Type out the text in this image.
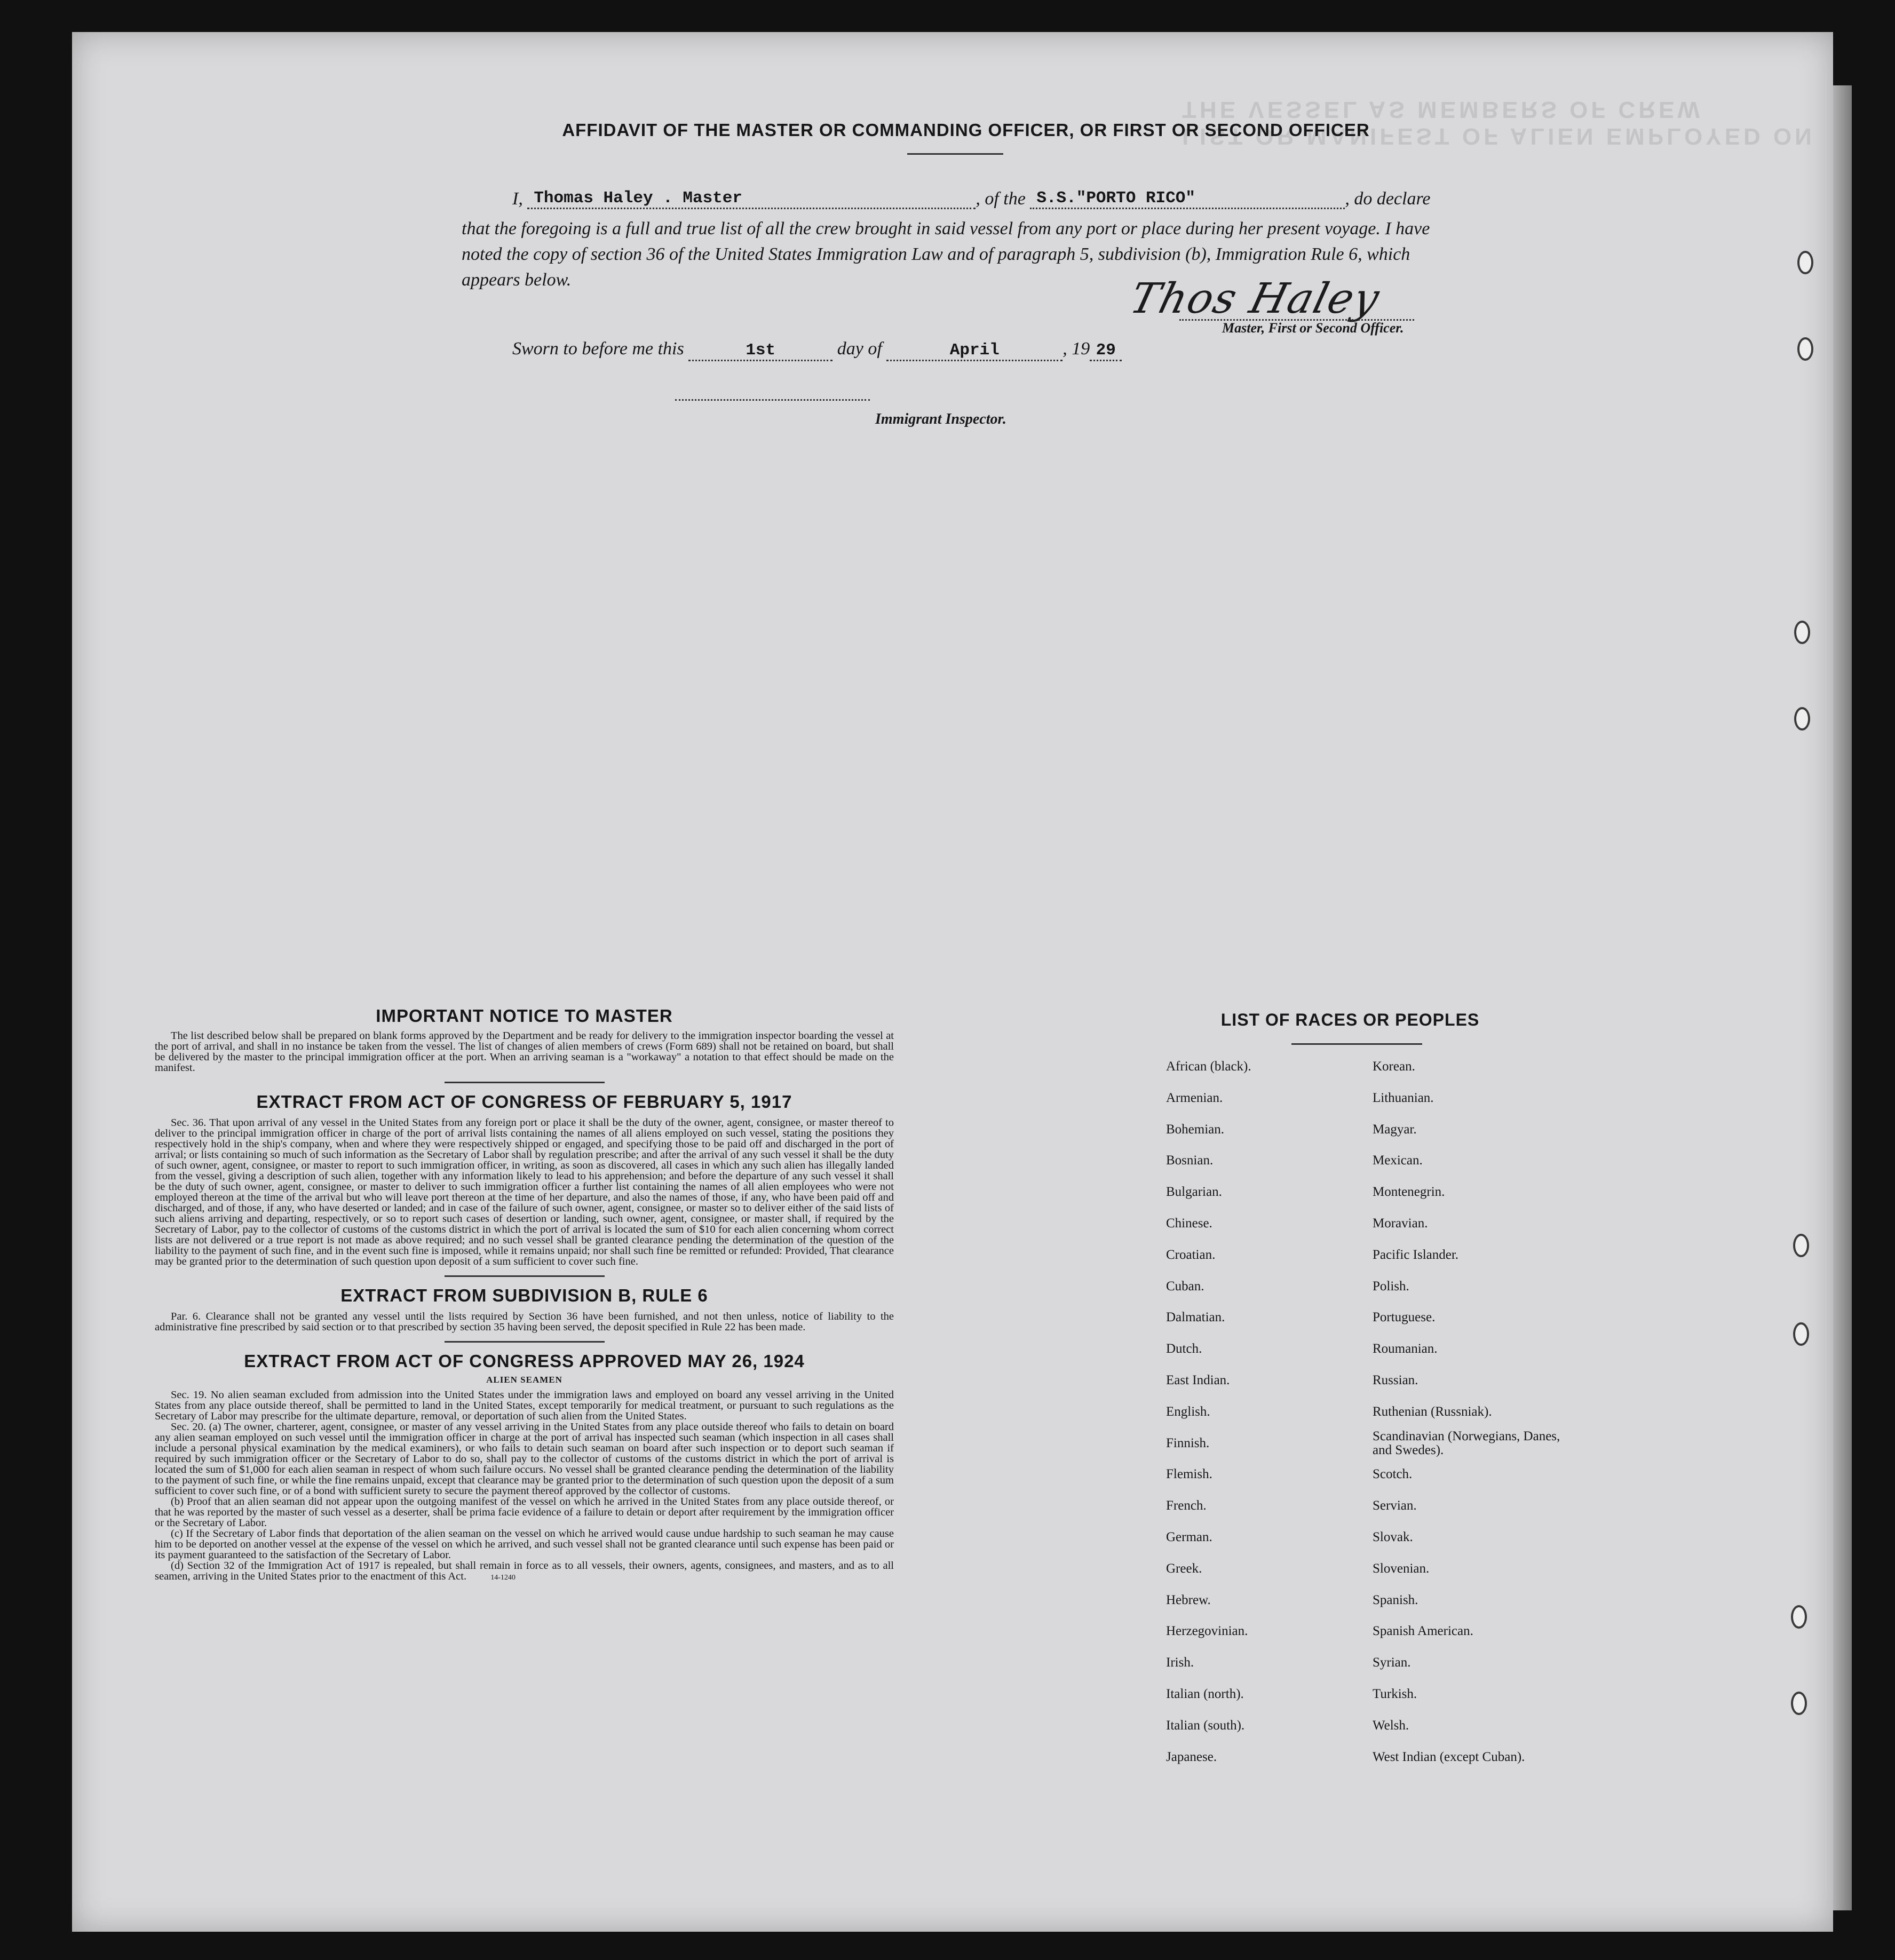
LIST OR MANIFEST OF ALIEN EMPLOYED ON THE VESSEL AS MEMBERS OF CREW
AFFIDAVIT OF THE MASTER OR COMMANDING OFFICER, OR FIRST OR SECOND OFFICER
I, Thomas Haley . Master	, of the S.S."PORTO RICO"	, do declare
that the foregoing is a full and true list of all the crew brought in said vessel from any port or place during her present voyage. I have noted the copy of section 36 of the United States Immigration Law and of paragraph 5, subdivision (b), Immigration Rule 6, which appears below.	Thos Haley
Master, First or Second Officer.
Sworn to before me this	1st	day of	April	, 19 29
Immigrant Inspector.
IMPORTANT NOTICE TO MASTER

The list described below shall be prepared on blank forms approved by the Department and be ready for delivery to the immigration inspector boarding the vessel at the port of arrival, and shall in no instance be taken from the vessel. The list of changes of alien members of crews (Form 689) shall not be retained on board, but shall be delivered by the master to the principal immigration officer at the port. When an arriving seaman is a "workaway" a notation to that effect should be made on the manifest.

EXTRACT FROM ACT OF CONGRESS OF FEBRUARY 5, 1917

Sec. 36. That upon arrival of any vessel in the United States from any foreign port or place it shall be the duty of the owner, agent, consignee, or master thereof to deliver to the principal immigration officer in charge of the port of arrival lists containing the names of all aliens employed on such vessel, stating the positions they respectively hold in the ship's company, when and where they were respectively shipped or engaged, and specifying those to be paid off and discharged in the port of arrival; or lists containing so much of such information as the Secretary of Labor shall by regulation prescribe; and after the arrival of any such vessel it shall be the duty of such owner, agent, consignee, or master to report to such immigration officer, in writing, as soon as discovered, all cases in which any such alien has illegally landed from the vessel, giving a description of such alien, together with any information likely to lead to his apprehension; and before the departure of any such vessel it shall be the duty of such owner, agent, consignee, or master to deliver to such immigration officer a further list containing the names of all alien employees who were not employed thereon at the time of the arrival but who will leave port thereon at the time of her departure, and also the names of those, if any, who have been paid off and discharged, and of those, if any, who have deserted or landed; and in case of the failure of such owner, agent, consignee, or master so to deliver either of the said lists of such aliens arriving and departing, respectively, or so to report such cases of desertion or landing, such owner, agent, consignee, or master shall, if required by the Secretary of Labor, pay to the collector of customs of the customs district in which the port of arrival is located the sum of $10 for each alien concerning whom correct lists are not delivered or a true report is not made as above required; and no such vessel shall be granted clearance pending the determination of the question of the liability to the payment of such fine, and in the event such fine is imposed, while it remains unpaid; nor shall such fine be remitted or refunded: Provided, That clearance may be granted prior to the determination of such question upon deposit of a sum sufficient to cover such fine.

EXTRACT FROM SUBDIVISION B, RULE 6

Par. 6. Clearance shall not be granted any vessel until the lists required by Section 36 have been furnished, and not then unless, notice of liability to the administrative fine prescribed by said section or to that prescribed by section 35 having been served, the deposit specified in Rule 22 has been made.

EXTRACT FROM ACT OF CONGRESS APPROVED MAY 26, 1924
ALIEN SEAMEN

Sec. 19. No alien seaman excluded from admission into the United States under the immigration laws and employed on board any vessel arriving in the United States from any place outside thereof, shall be permitted to land in the United States, except temporarily for medical treatment, or pursuant to such regulations as the Secretary of Labor may prescribe for the ultimate departure, removal, or deportation of such alien from the United States.

Sec. 20. (a) The owner, charterer, agent, consignee, or master of any vessel arriving in the United States from any place outside thereof who fails to detain on board any alien seaman employed on such vessel until the immigration officer in charge at the port of arrival has inspected such seaman (which inspection in all cases shall include a personal physical examination by the medical examiners), or who fails to detain such seaman on board after such inspection or to deport such seaman if required by such immigration officer or the Secretary of Labor to do so, shall pay to the collector of customs of the customs district in which the port of arrival is located the sum of $1,000 for each alien seaman in respect of whom such failure occurs. No vessel shall be granted clearance pending the determination of the liability to the payment of such fine, or while the fine remains unpaid, except that clearance may be granted prior to the determination of such question upon the deposit of a sum sufficient to cover such fine, or of a bond with sufficient surety to secure the payment thereof approved by the collector of customs.

(b) Proof that an alien seaman did not appear upon the outgoing manifest of the vessel on which he arrived in the United States from any place outside thereof, or that he was reported by the master of such vessel as a deserter, shall be prima facie evidence of a failure to detain or deport after requirement by the immigration officer or the Secretary of Labor.

(c) If the Secretary of Labor finds that deportation of the alien seaman on the vessel on which he arrived would cause undue hardship to such seaman he may cause him to be deported on another vessel at the expense of the vessel on which he arrived, and such vessel shall not be granted clearance until such expense has been paid or its payment guaranteed to the satisfaction of the Secretary of Labor.

(d) Section 32 of the Immigration Act of 1917 is repealed, but shall remain in force as to all vessels, their owners, agents, consignees, and masters, and as to all seamen, arriving in the United States prior to the enactment of this Act.	14-1240

LIST OF RACES OR PEOPLES
African (black).
Armenian.
Bohemian.
Bosnian.
Bulgarian.
Chinese.
Croatian.
Cuban.
Dalmatian.
Dutch.
East Indian.
English.
Finnish.
Flemish.
French.
German.
Greek.
Hebrew.
Herzegovinian.
Irish.
Italian (north).
Italian (south).
Japanese.
Korean.
Lithuanian.
Magyar.
Mexican.
Montenegrin.
Moravian.
Pacific Islander.
Polish.
Portuguese.
Roumanian.
Russian.
Ruthenian (Russniak).
Scandinavian (Norwegians, Danes, and Swedes).
Scotch.
Servian.
Slovak.
Slovenian.
Spanish.
Spanish American.
Syrian.
Turkish.
Welsh.
West Indian (except Cuban).
